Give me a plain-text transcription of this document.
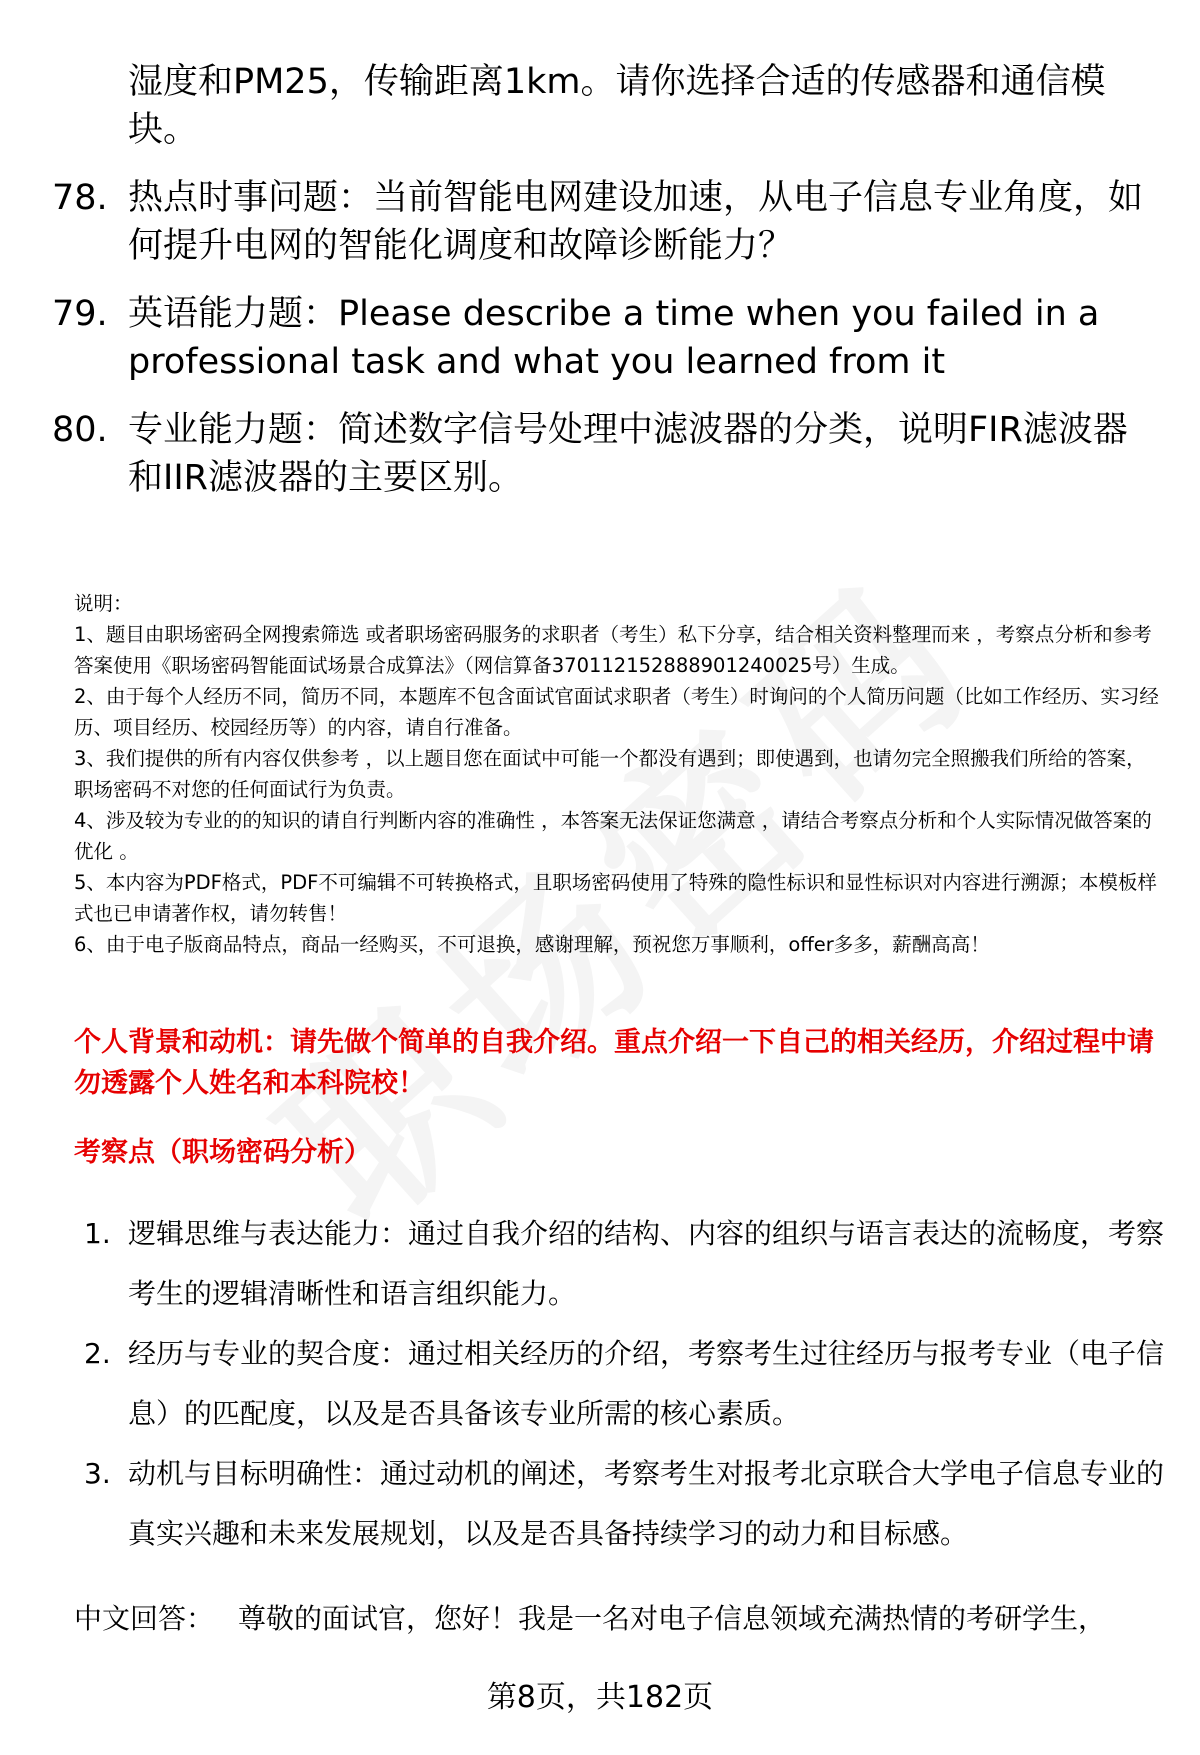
湿度和PM25，传输距离1km。请你选择合适的传感器和通信模块。
78. 热点时事问题：当前智能电网建设加速，从电子信息专业角度，如何提升电网的智能化调度和故障诊断能力？
79. 英语能力题：Please describe a time when you failed in a professional task and what you learned from it
80. 专业能力题：简述数字信号处理中滤波器的分类，说明FIR滤波器和IIR滤波器的主要区别。

说明：

1、题目由职场密码全网搜索筛选 或者职场密码服务的求职者（考生）私下分享，结合相关资料整理而来 ，考察点分析和参考答案使用《职场密码智能面试场景合成算法》（网信算备370112152888901240025号）生成。

2、由于每个人经历不同，简历不同，本题库不包含面试官面试求职者（考生）时询问的个人简历问题（比如工作经历、实习经历、项目经历、校园经历等）的内容，请自行准备。

3、我们提供的所有内容仅供参考 ，以上题目您在面试中可能一个都没有遇到；即使遇到，也请勿完全照搬我们所给的答案，职场密码不对您的任何面试行为负责。

4、涉及较为专业的的知识的请自行判断内容的准确性 ，本答案无法保证您满意 ，请结合考察点分析和个人实际情况做答案的优化 。

5、本内容为PDF格式，PDF不可编辑不可转换格式，且职场密码使用了特殊的隐性标识和显性标识对内容进行溯源；本模板样式也已申请著作权，请勿转售！

6、由于电子版商品特点，商品一经购买，不可退换，感谢理解，预祝您万事顺利，offer多多，薪酬高高！

个人背景和动机：请先做个简单的自我介绍。重点介绍一下自己的相关经历，介绍过程中请勿透露个人姓名和本科院校！
考察点（职场密码分析）
1. 逻辑思维与表达能力：通过自我介绍的结构、内容的组织与语言表达的流畅度，考察考生的逻辑清晰性和语言组织能力。
2. 经历与专业的契合度：通过相关经历的介绍，考察考生过往经历与报考专业（电子信息）的匹配度，以及是否具备该专业所需的核心素质。
3. 动机与目标明确性：通过动机的阐述，考察考生对报考北京联合大学电子信息专业的真实兴趣和未来发展规划，以及是否具备持续学习的动力和目标感。
中文回答： 尊敬的面试官，您好！我是一名对电子信息领域充满热情的考研学生，
第8页，共182页
